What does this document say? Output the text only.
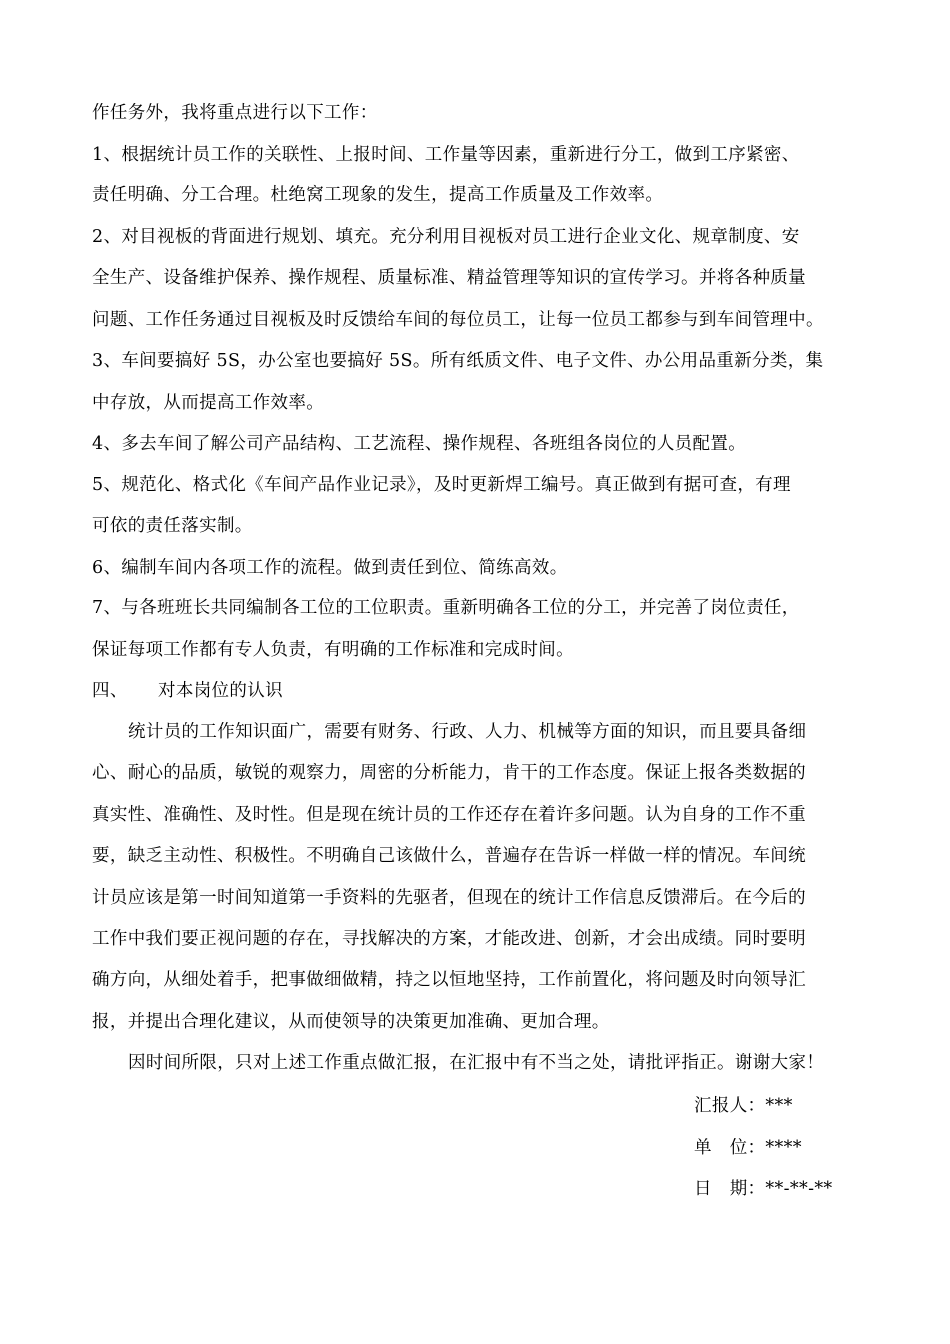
作任务外，我将重点进行以下工作：
1、根据统计员工作的关联性、上报时间、工作量等因素，重新进行分工，做到工序紧密、
责任明确、分工合理。杜绝窝工现象的发生，提高工作质量及工作效率。
2、对目视板的背面进行规划、填充。充分利用目视板对员工进行企业文化、规章制度、安
全生产、设备维护保养、操作规程、质量标准、精益管理等知识的宣传学习。并将各种质量
问题、工作任务通过目视板及时反馈给车间的每位员工，让每一位员工都参与到车间管理中。
3、车间要搞好 5S，办公室也要搞好 5S。所有纸质文件、电子文件、办公用品重新分类，集
中存放，从而提高工作效率。
4、多去车间了解公司产品结构、工艺流程、操作规程、各班组各岗位的人员配置。
5、规范化、格式化《车间产品作业记录》，及时更新焊工编号。真正做到有据可查，有理
可依的责任落实制。
6、编制车间内各项工作的流程。做到责任到位、简练高效。
7、与各班班长共同编制各工位的工位职责。重新明确各工位的分工，并完善了岗位责任，
保证每项工作都有专人负责，有明确的工作标准和完成时间。
四、 对本岗位的认识
统计员的工作知识面广，需要有财务、行政、人力、机械等方面的知识，而且要具备细
心、耐心的品质，敏锐的观察力，周密的分析能力，肯干的工作态度。保证上报各类数据的
真实性、准确性、及时性。但是现在统计员的工作还存在着许多问题。认为自身的工作不重
要，缺乏主动性、积极性。不明确自己该做什么，普遍存在告诉一样做一样的情况。车间统
计员应该是第一时间知道第一手资料的先驱者，但现在的统计工作信息反馈滞后。在今后的
工作中我们要正视问题的存在，寻找解决的方案，才能改进、创新，才会出成绩。同时要明
确方向，从细处着手，把事做细做精，持之以恒地坚持，工作前置化，将问题及时向领导汇
报，并提出合理化建议，从而使领导的决策更加准确、更加合理。
因时间所限，只对上述工作重点做汇报，在汇报中有不当之处，请批评指正。谢谢大家！
汇报人：***
单　位：****
日　期：**-**-**
